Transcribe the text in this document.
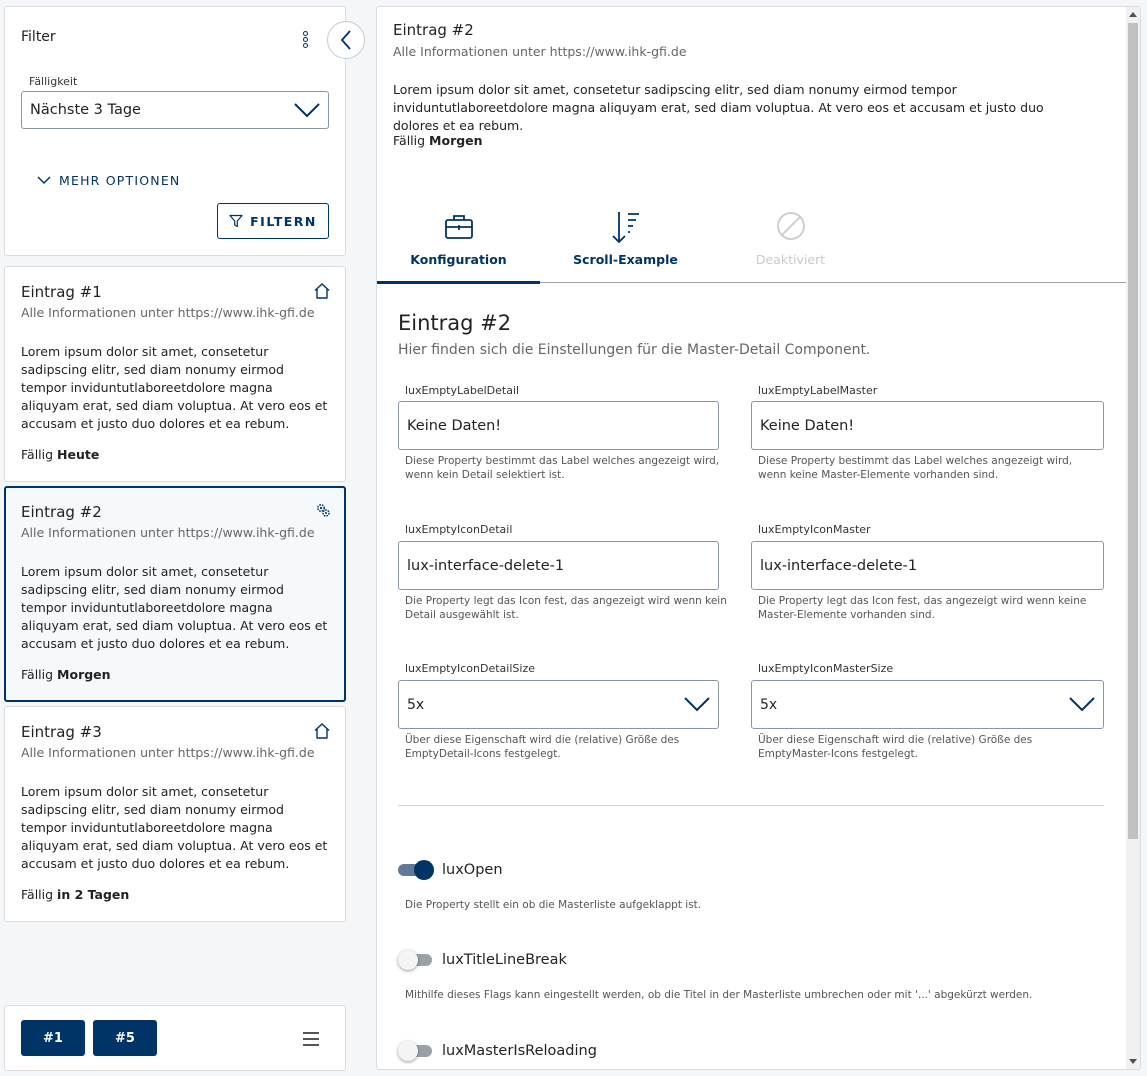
Filter
Fälligkeit
Nächste 3 Tage
MEHR OPTIONEN
FILTERN
Eintrag #1
Alle Informationen unter https://www.ihk-gfi.de
Lorem ipsum dolor sit amet, consetetur sadipscing elitr, sed diam nonumy eirmod tempor inviduntutlaboreetdolore magna aliquyam erat, sed diam voluptua. At vero eos et accusam et justo duo dolores et ea rebum.
Fällig Heute
Eintrag #2
Alle Informationen unter https://www.ihk-gfi.de
Lorem ipsum dolor sit amet, consetetur sadipscing elitr, sed diam nonumy eirmod tempor inviduntutlaboreetdolore magna aliquyam erat, sed diam voluptua. At vero eos et accusam et justo duo dolores et ea rebum.
Fällig Morgen
Eintrag #3
Alle Informationen unter https://www.ihk-gfi.de
Lorem ipsum dolor sit amet, consetetur sadipscing elitr, sed diam nonumy eirmod tempor inviduntutlaboreetdolore magna aliquyam erat, sed diam voluptua. At vero eos et accusam et justo duo dolores et ea rebum.
Fällig in 2 Tagen
#1	#5
Eintrag #2
Alle Informationen unter https://www.ihk-gfi.de
Lorem ipsum dolor sit amet, consetetur sadipscing elitr, sed diam nonumy eirmod tempor inviduntutlaboreetdolore magna aliquyam erat, sed diam voluptua. At vero eos et accusam et justo duo dolores et ea rebum.
Fällig Morgen
Konfiguration	Scroll-Example	Deaktiviert
Eintrag #2
Hier finden sich die Einstellungen für die Master-Detail Component.
luxEmptyLabelDetail
Keine Daten!
Diese Property bestimmt das Label welches angezeigt wird, wenn kein Detail selektiert ist.
luxEmptyLabelMaster
Keine Daten!
Diese Property bestimmt das Label welches angezeigt wird, wenn keine Master-Elemente vorhanden sind.
luxEmptyIconDetail
lux-interface-delete-1
Die Property legt das Icon fest, das angezeigt wird wenn kein Detail ausgewählt ist.
luxEmptyIconMaster
lux-interface-delete-1
Die Property legt das Icon fest, das angezeigt wird wenn keine Master-Elemente vorhanden sind.
luxEmptyIconDetailSize
5x
Über diese Eigenschaft wird die (relative) Größe des EmptyDetail-Icons festgelegt.
luxEmptyIconMasterSize
5x
Über diese Eigenschaft wird die (relative) Größe des EmptyMaster-Icons festgelegt.
luxOpen
Die Property stellt ein ob die Masterliste aufgeklappt ist.
luxTitleLineBreak
Mithilfe dieses Flags kann eingestellt werden, ob die Titel in der Masterliste umbrechen oder mit '...' abgekürzt werden.
luxMasterIsReloading
